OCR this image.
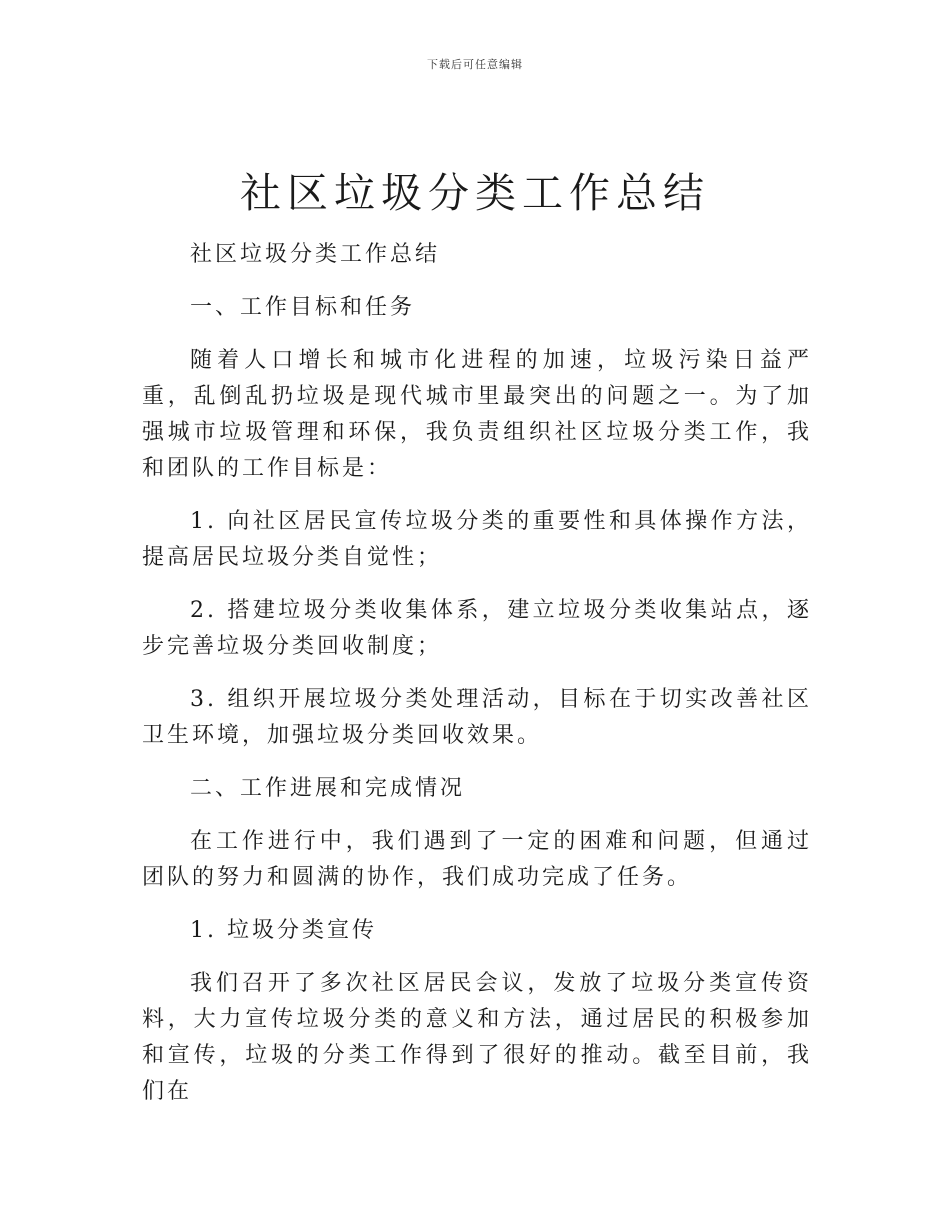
下载后可任意编辑
社区垃圾分类工作总结

社区垃圾分类工作总结

一、工作目标和任务

随着人口增长和城市化进程的加速，垃圾污染日益严重，乱倒乱扔垃圾是现代城市里最突出的问题之一。为了加强城市垃圾管理和环保，我负责组织社区垃圾分类工作，我和团队的工作目标是：

1. 向社区居民宣传垃圾分类的重要性和具体操作方法，提高居民垃圾分类自觉性；

2. 搭建垃圾分类收集体系，建立垃圾分类收集站点，逐步完善垃圾分类回收制度；

3. 组织开展垃圾分类处理活动，目标在于切实改善社区卫生环境，加强垃圾分类回收效果。

二、工作进展和完成情况

在工作进行中，我们遇到了一定的困难和问题，但通过团队的努力和圆满的协作，我们成功完成了任务。

1. 垃圾分类宣传

我们召开了多次社区居民会议，发放了垃圾分类宣传资料，大力宣传垃圾分类的意义和方法，通过居民的积极参加和宣传，垃圾的分类工作得到了很好的推动。截至目前，我们在
